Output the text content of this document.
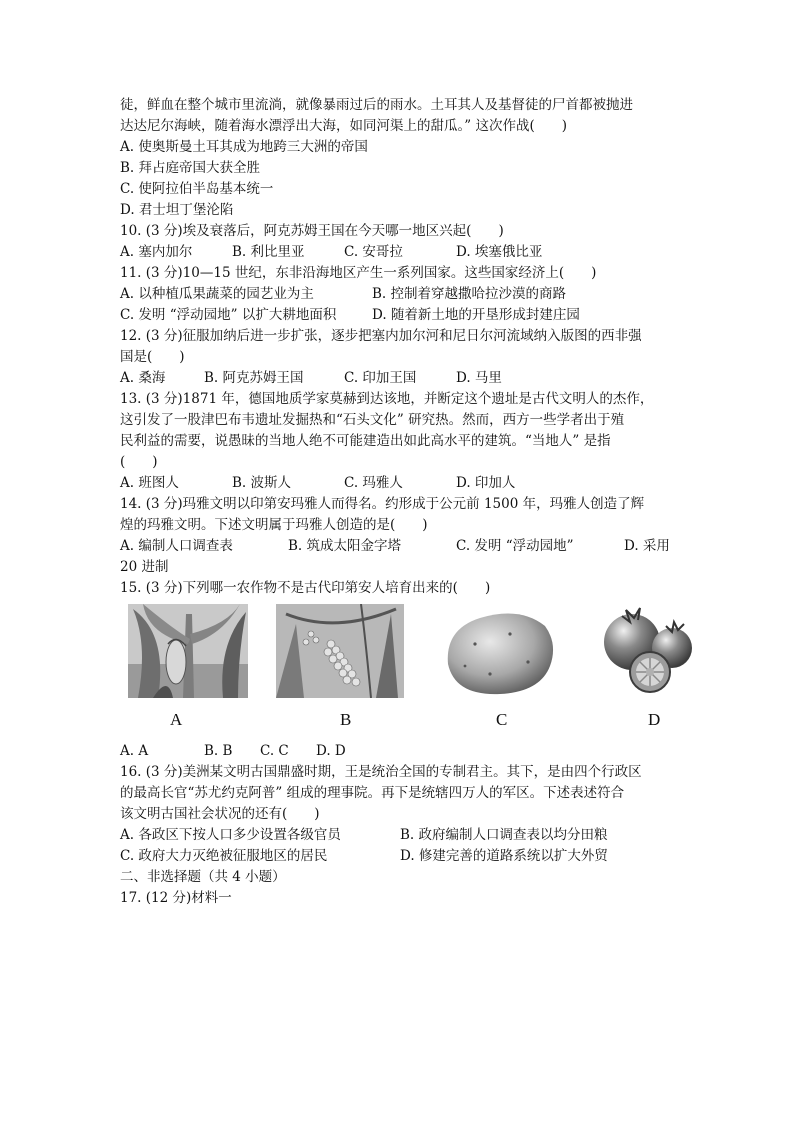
徒，鲜血在整个城市里流淌，就像暴雨过后的雨水。土耳其人及基督徒的尸首都被抛进
达达尼尔海峡，随着海水漂浮出大海，如同河渠上的甜瓜。” 这次作战(　　)
A. 使奥斯曼土耳其成为地跨三大洲的帝国
B. 拜占庭帝国大获全胜
C. 使阿拉伯半岛基本统一
D. 君士坦丁堡沦陷
10. (3 分)埃及衰落后，阿克苏姆王国在今天哪一地区兴起(　　)
A. 塞内加尔	B. 利比里亚	C. 安哥拉	D. 埃塞俄比亚
11. (3 分)10—15 世纪，东非沿海地区产生一系列国家。这些国家经济上(　　)
A. 以种植瓜果蔬菜的园艺业为主	B. 控制着穿越撒哈拉沙漠的商路
C. 发明 “浮动园地” 以扩大耕地面积	D. 随着新土地的开垦形成封建庄园
12. (3 分)征服加纳后进一步扩张，逐步把塞内加尔河和尼日尔河流域纳入版图的西非强
国是(　　)
A. 桑海	B. 阿克苏姆王国	C. 印加王国	D. 马里
13. (3 分)1871 年，德国地质学家莫赫到达该地，并断定这个遗址是古代文明人的杰作，
这引发了一股津巴布韦遗址发掘热和“石头文化” 研究热。然而，西方一些学者出于殖
民利益的需要，说愚昧的当地人绝不可能建造出如此高水平的建筑。“当地人” 是指
(　　)
A. 班图人	B. 波斯人	C. 玛雅人	D. 印加人
14. (3 分)玛雅文明以印第安玛雅人而得名。约形成于公元前 1500 年，玛雅人创造了辉
煌的玛雅文明。下述文明属于玛雅人创造的是(　　)
A. 编制人口调查表	B. 筑成太阳金字塔	C. 发明 “浮动园地”	D. 采用
20 进制
15. (3 分)下列哪一农作物不是古代印第安人培育出来的(　　)
A	B	C	D
A. A	B. B C. C D. D
16. (3 分)美洲某文明古国鼎盛时期，王是统治全国的专制君主。其下，是由四个行政区
的最高长官“苏尤约克阿普” 组成的理事院。再下是统辖四万人的军区。下述表述符合
该文明古国社会状况的还有(　　)
A. 各政区下按人口多少设置各级官员	B. 政府编制人口调查表以均分田粮
C. 政府大力灭绝被征服地区的居民	D. 修建完善的道路系统以扩大外贸
二、非选择题（共 4 小题）
17. (12 分)材料一
